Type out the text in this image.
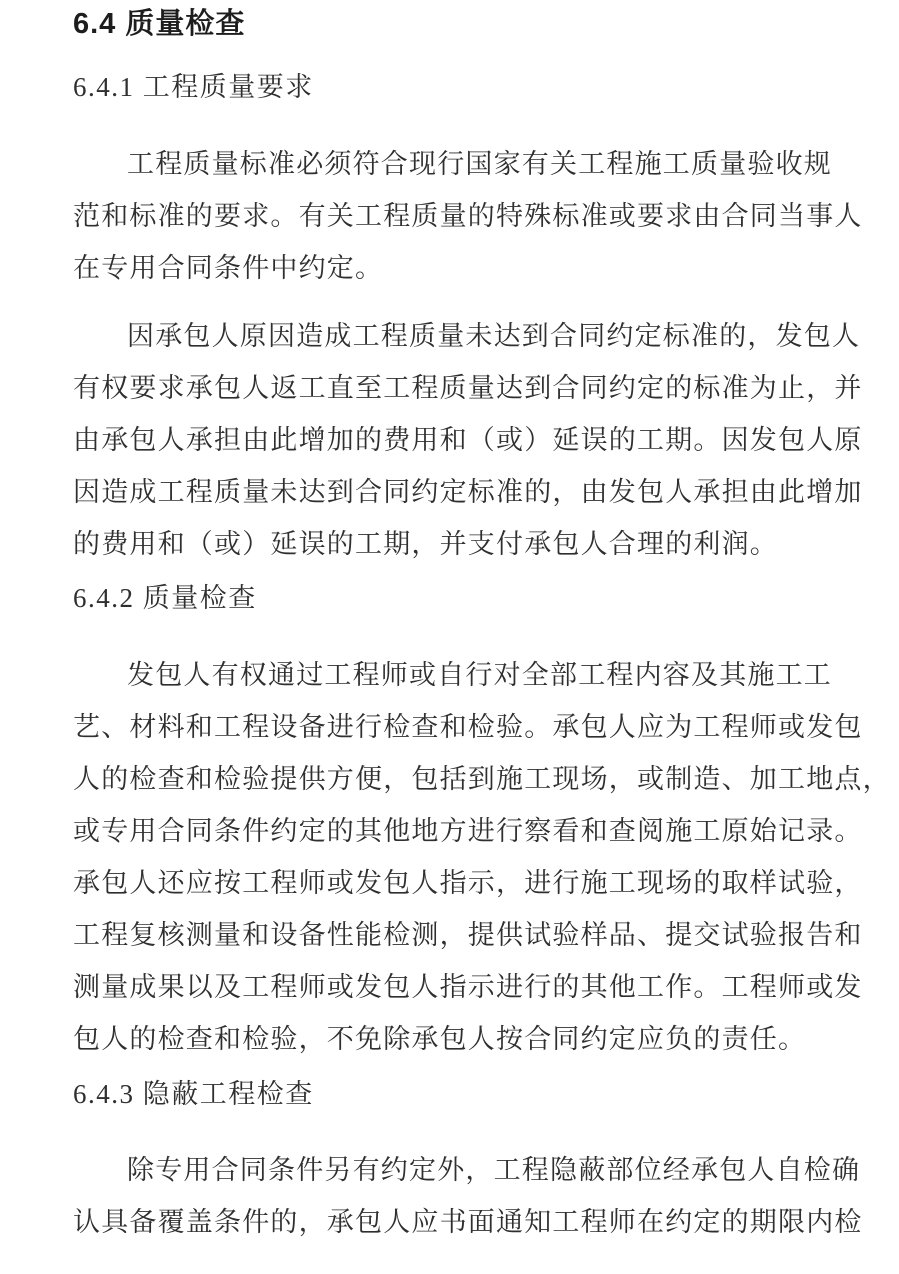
6.4 质量检查
6.4.1 工程质量要求
工程质量标准必须符合现行国家有关工程施工质量验收规
范和标准的要求。有关工程质量的特殊标准或要求由合同当事人
在专用合同条件中约定。
因承包人原因造成工程质量未达到合同约定标准的，发包人
有权要求承包人返工直至工程质量达到合同约定的标准为止，并
由承包人承担由此增加的费用和（或）延误的工期。因发包人原
因造成工程质量未达到合同约定标准的，由发包人承担由此增加
的费用和（或）延误的工期，并支付承包人合理的利润。
6.4.2 质量检查
发包人有权通过工程师或自行对全部工程内容及其施工工
艺、材料和工程设备进行检查和检验。承包人应为工程师或发包
人的检查和检验提供方便，包括到施工现场，或制造、加工地点，
或专用合同条件约定的其他地方进行察看和查阅施工原始记录。
承包人还应按工程师或发包人指示，进行施工现场的取样试验，
工程复核测量和设备性能检测，提供试验样品、提交试验报告和
测量成果以及工程师或发包人指示进行的其他工作。工程师或发
包人的检查和检验，不免除承包人按合同约定应负的责任。
6.4.3 隐蔽工程检查
除专用合同条件另有约定外，工程隐蔽部位经承包人自检确
认具备覆盖条件的，承包人应书面通知工程师在约定的期限内检
